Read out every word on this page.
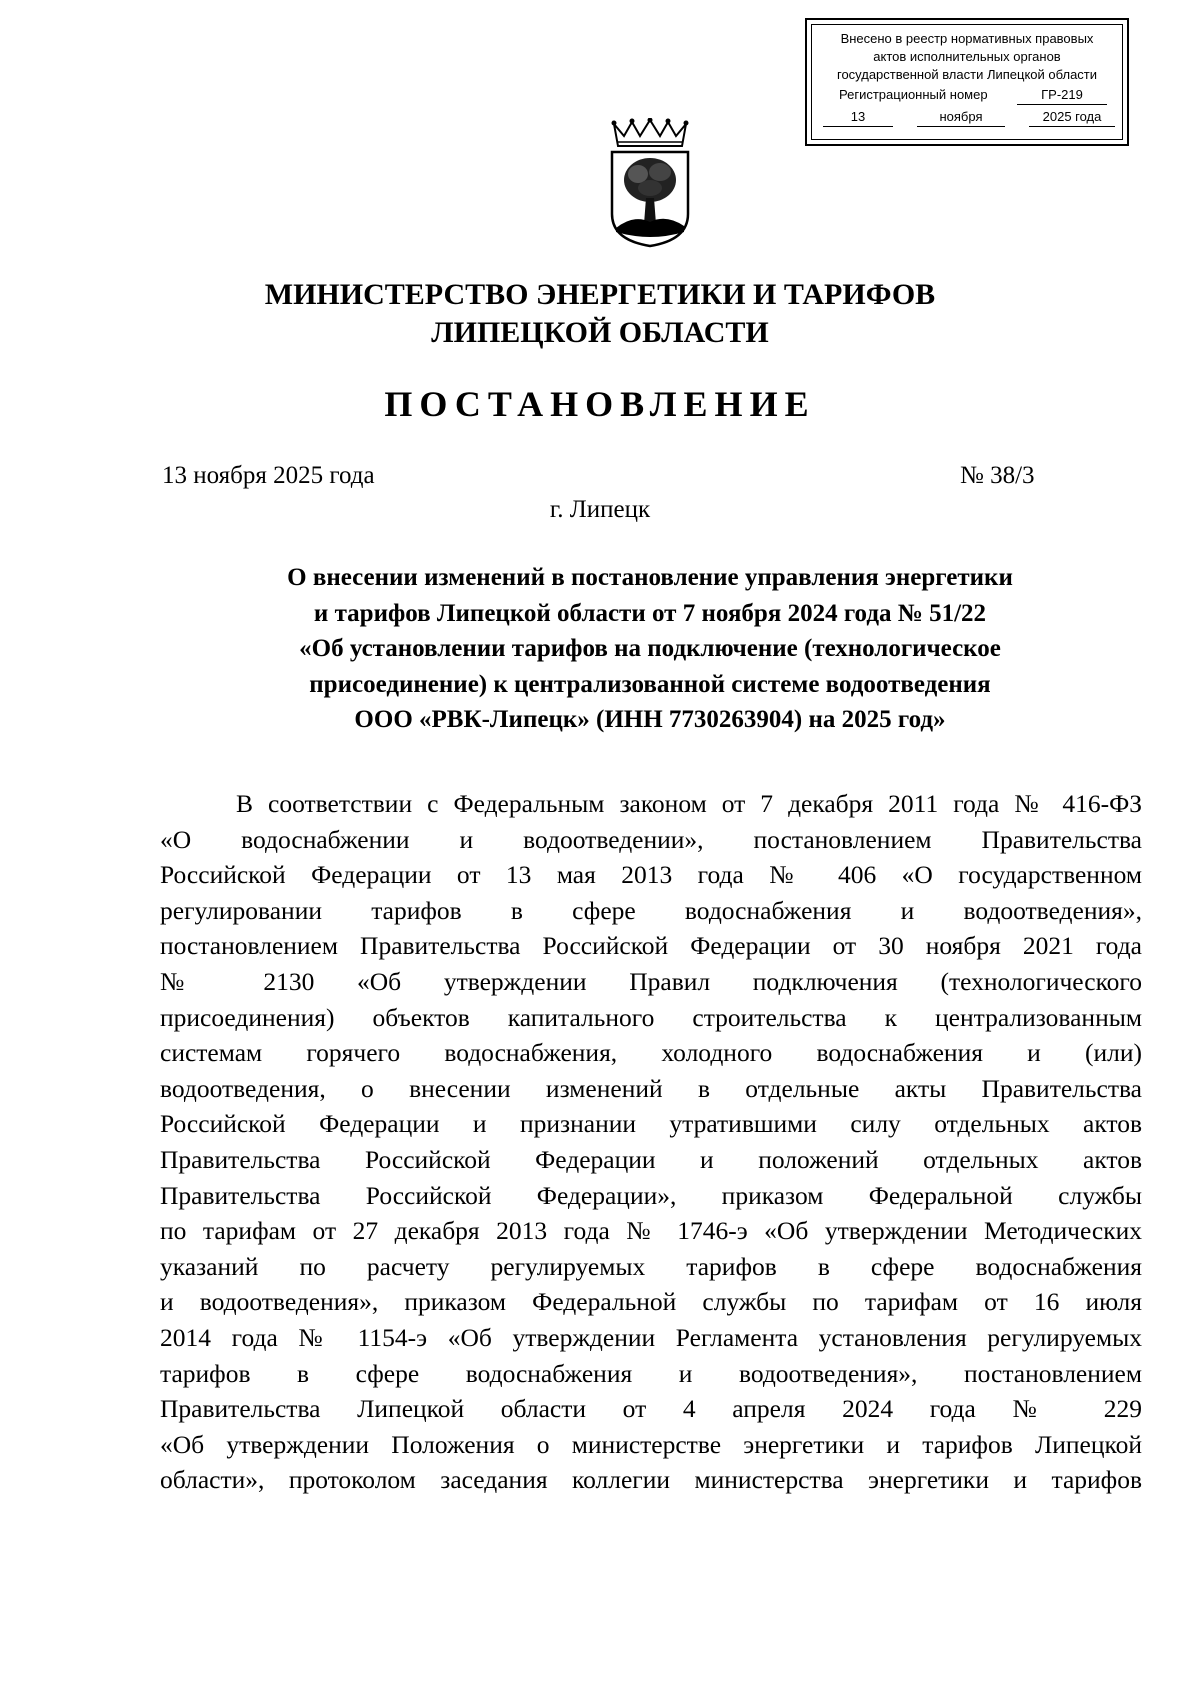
Внесено в реестр нормативных правовых
актов исполнительных органов
государственной власти Липецкой области
Регистрационный номер	ГР-219
13	ноября	2025 года
МИНИСТЕРСТВО ЭНЕРГЕТИКИ И ТАРИФОВ
ЛИПЕЦКОЙ ОБЛАСТИ
ПОСТАНОВЛЕНИЕ
13 ноября 2025 года	№ 38/3
г. Липецк
О внесении изменений в постановление управления энергетики
и тарифов Липецкой области от 7 ноября 2024 года № 51/22
«Об установлении тарифов на подключение (технологическое
присоединение) к централизованной системе водоотведения
ООО «РВК-Липецк» (ИНН 7730263904) на 2025 год»
В соответствии с Федеральным законом от 7 декабря 2011 года № 416-ФЗ
«О водоснабжении и водоотведении», постановлением Правительства
Российской Федерации от 13 мая 2013 года № 406 «О государственном
регулировании тарифов в сфере водоснабжения и водоотведения»,
постановлением Правительства Российской Федерации от 30 ноября 2021 года
№ 2130 «Об утверждении Правил подключения (технологического
присоединения) объектов капитального строительства к централизованным
системам горячего водоснабжения, холодного водоснабжения и (или)
водоотведения, о внесении изменений в отдельные акты Правительства
Российской Федерации и признании утратившими силу отдельных актов
Правительства Российской Федерации и положений отдельных актов
Правительства Российской Федерации», приказом Федеральной службы
по тарифам от 27 декабря 2013 года № 1746-э «Об утверждении Методических
указаний по расчету регулируемых тарифов в сфере водоснабжения
и водоотведения», приказом Федеральной службы по тарифам от 16 июля
2014 года № 1154-э «Об утверждении Регламента установления регулируемых
тарифов в сфере водоснабжения и водоотведения», постановлением
Правительства Липецкой области от 4 апреля 2024 года № 229
«Об утверждении Положения о министерстве энергетики и тарифов Липецкой
области», протоколом заседания коллегии министерства энергетики и тарифов
